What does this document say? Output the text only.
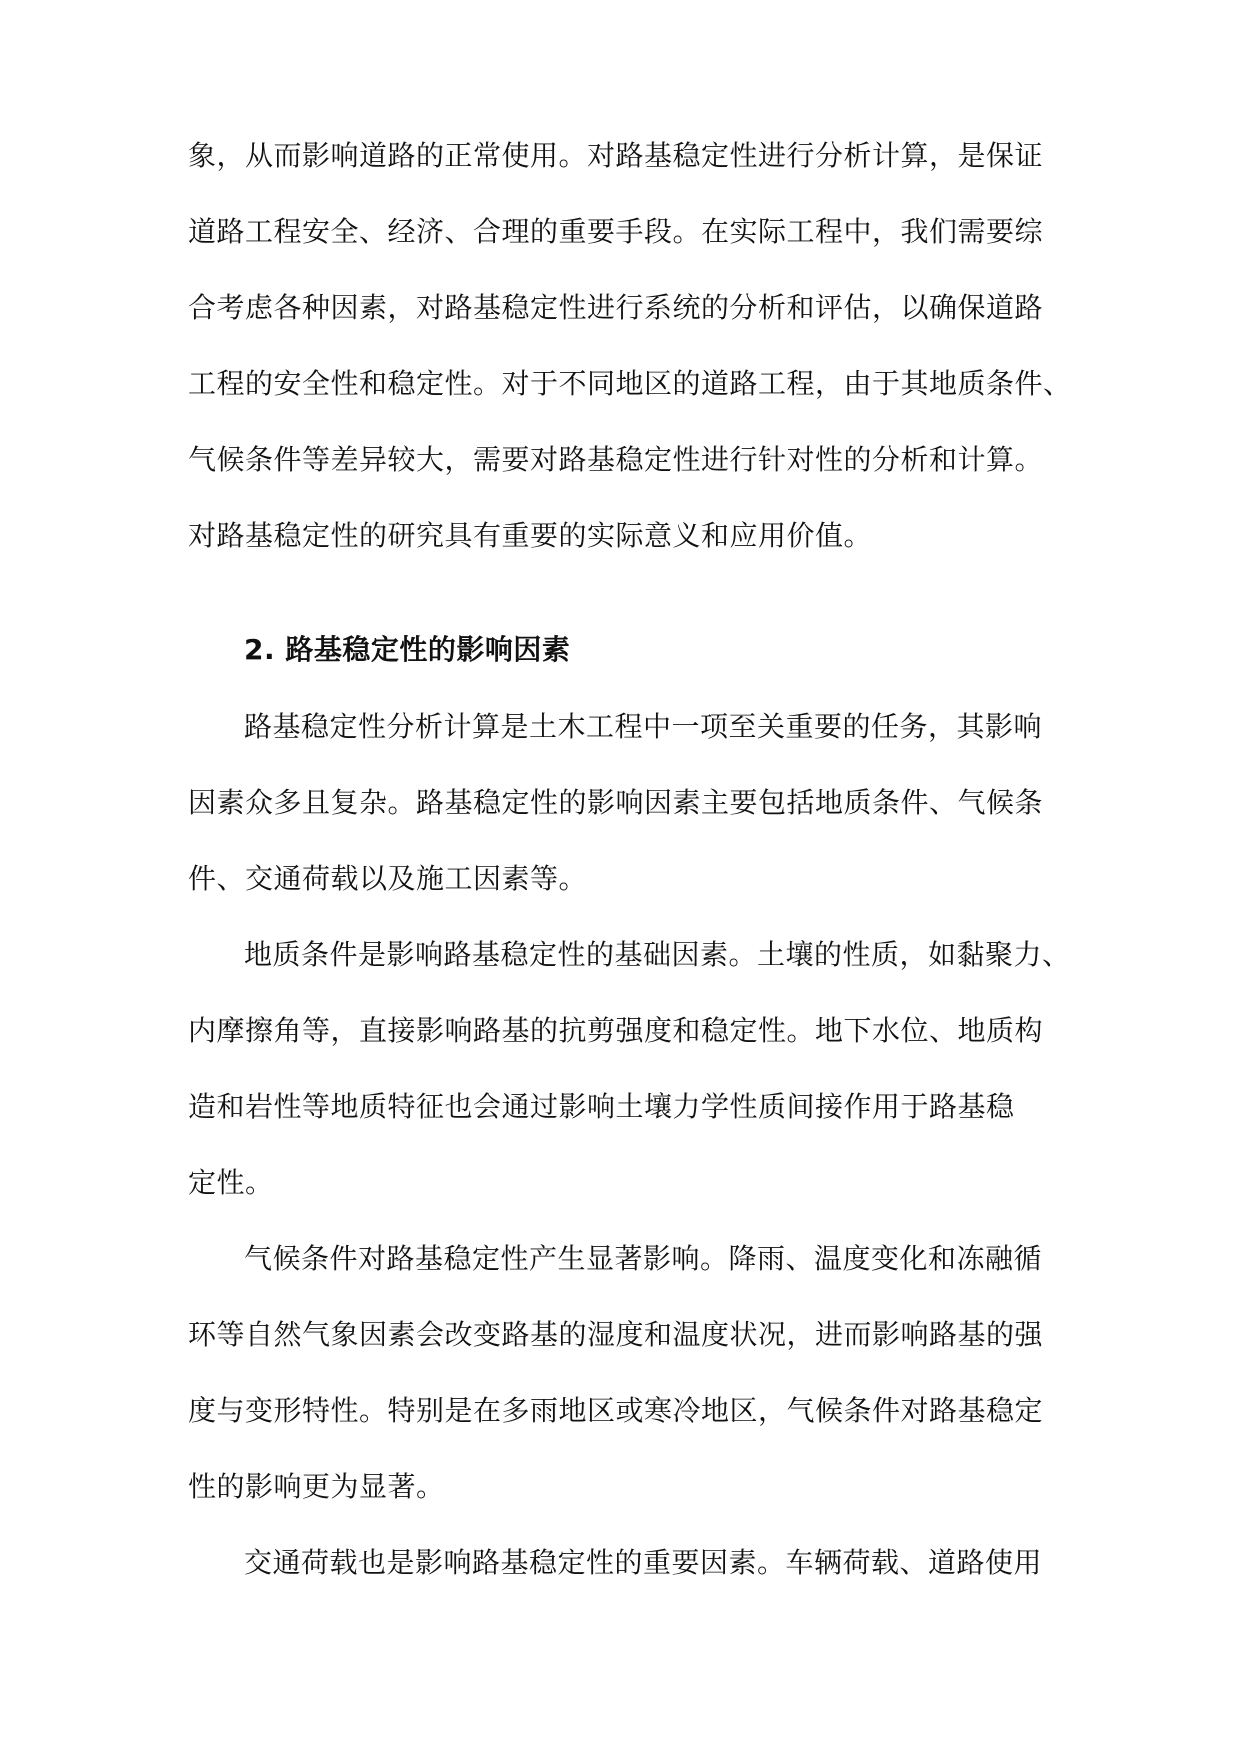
象，从而影响道路的正常使用。对路基稳定性进行分析计算，是保证
道路工程安全、经济、合理的重要手段。在实际工程中，我们需要综
合考虑各种因素，对路基稳定性进行系统的分析和评估，以确保道路
工程的安全性和稳定性。对于不同地区的道路工程，由于其地质条件、
气候条件等差异较大，需要对路基稳定性进行针对性的分析和计算。
对路基稳定性的研究具有重要的实际意义和应用价值。
2. 路基稳定性的影响因素
路基稳定性分析计算是土木工程中一项至关重要的任务，其影响
因素众多且复杂。路基稳定性的影响因素主要包括地质条件、气候条
件、交通荷载以及施工因素等。
地质条件是影响路基稳定性的基础因素。土壤的性质，如黏聚力、
内摩擦角等，直接影响路基的抗剪强度和稳定性。地下水位、地质构
造和岩性等地质特征也会通过影响土壤力学性质间接作用于路基稳
定性。
气候条件对路基稳定性产生显著影响。降雨、温度变化和冻融循
环等自然气象因素会改变路基的湿度和温度状况，进而影响路基的强
度与变形特性。特别是在多雨地区或寒冷地区，气候条件对路基稳定
性的影响更为显著。
交通荷载也是影响路基稳定性的重要因素。车辆荷载、道路使用
